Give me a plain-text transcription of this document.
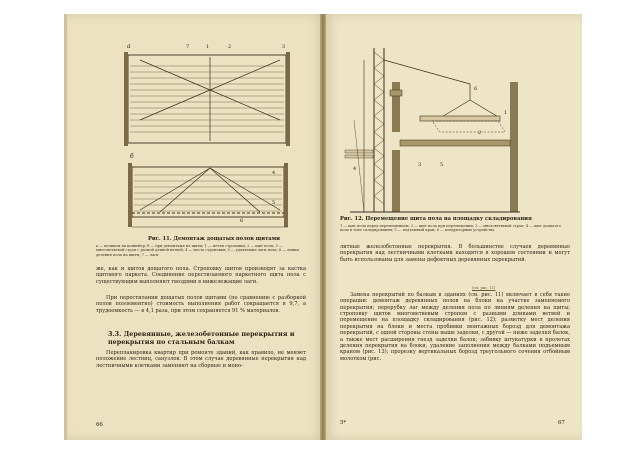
а
б
7	1	2	3
4
5
6
Рис. 11. Демонтаж дощатых полов щитами
а — целиком на конвейер; б — при демонтаже на щиты; 1 — петли строповки; 2 — щит пола; 3 — многоветвевой строп с разной длиной ветвей; 4 — места строповки; 5 — удаляемые лаги пола; 6 — линии деления пола на щиты; 7 — лаги
же, как и щитов дощатого пола. Строповку щитов производят за кастка щитового паркета. Соединение перестилаемого паркетного щита пола с существующим выполняют гвоздями в нижележащие лаги.
При перестилании дощатых полов щитами (по сравнению с разборкой полов поэлементно) стоимость выполнения работ сокращается в 9,7, а трудоемкость — в 4,1 раза, при этом сохраняется 91 % материалов.
3.3. Деревянные, железобетонные перекрытия и перекрытия по стальным балкам
Перепланировка квартир при ремонте зданий, как правило, не меняет положение лестниц, санузлов. В этом случае деревянные перекрытия над лестничными клетками заменяют на сборные и моно-
66
6
1
2
3
4
5
Рис. 12. Перемещение щита пола на площадку складирования
1 — щит пола перед перемещением; 2 — щит пола при перемещении; 3 — многоветвевой строп; 4 — щит дощатого пола в зоне складирования; 5 — подъемный кран; 6 — кондукторные устройства
литные железобетонные перекрытия. В большинстве случаев деревянные перекрытия над лестничными клетками находятся в хорошем состоянии и могут быть использованы для замены дефектных деревянных перекрытий.
Замена перекрытий по балкам в зданиях (см. рис. 11) включает в себя такие операции: демонтаж деревянных полов на блоки на участке заменяемого перекрытия; перерубку лаг между деления пола по линиям деления на щиты; строповку щитов многоветвевым стропом с разными длинами ветвей и перемещение на площадку складирования (рис. 12); разметку мест деления перекрытия на блоки и места пробивки монтажных борозд для демонтажа перекрытий, с одной стороны стены выше заделки, с другой — ниже заделки балок, а также мест расширения гнезд заделки балок; забивку штукатурки в пролетах деления перекрытия на блоки, удаление заполнения между балками подъемным краном (рис. 13); прорезку вертикальных борозд треугольного сечения отбойным молотком (рис.
(см. рис. 11)
5*	67
